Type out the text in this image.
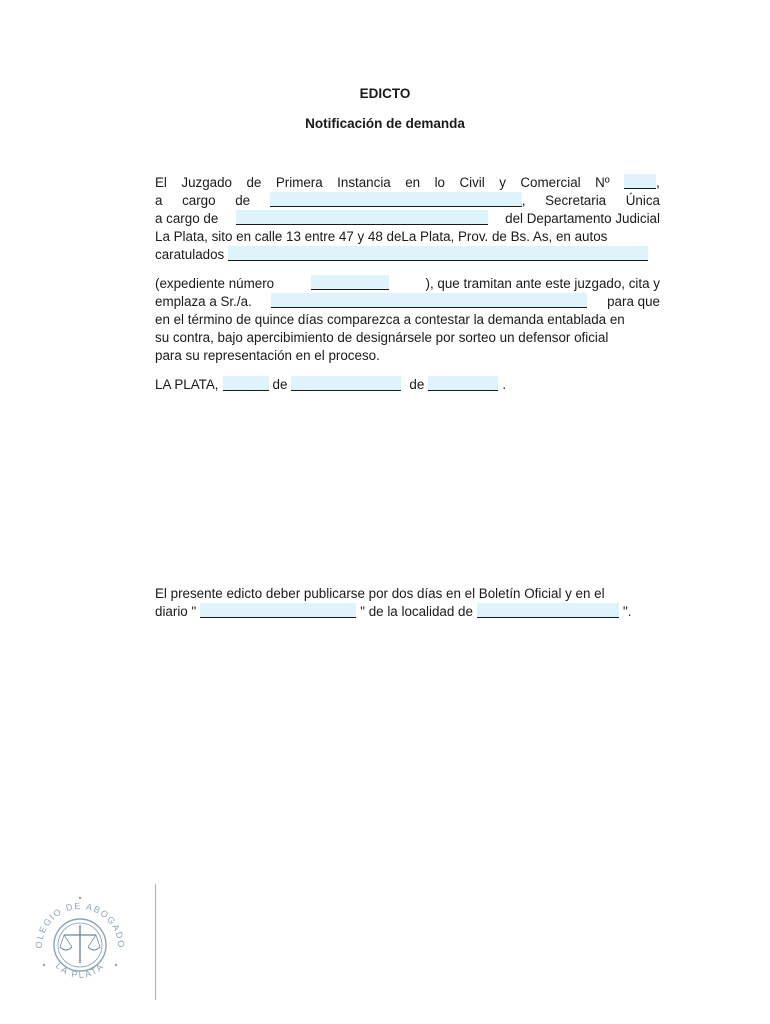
EDICTO
Notificación de demanda
El Juzgado de Primera Instancia en lo Civil y Comercial Nº	,
a cargo de	, Secretaria Única
a cargo de	del Departamento Judicial
La Plata, sito en calle 13 entre 47 y 48 deLa Plata, Prov. de Bs. As, en autos
caratulados
(expediente número	), que tramitan ante este juzgado, cita y
emplaza a Sr./a.	para que
en el término de quince días comparezca a contestar la demanda entablada en
su contra, bajo apercibimiento de designársele por sorteo un defensor oficial
para su representación en el proceso.
LA PLATA,	de	de	.
El presente edicto deber publicarse por dos días en el Boletín Oficial y en el
diario "	" de la localidad de	".
OLEGIO DE ABOGADO
LA PLATA
